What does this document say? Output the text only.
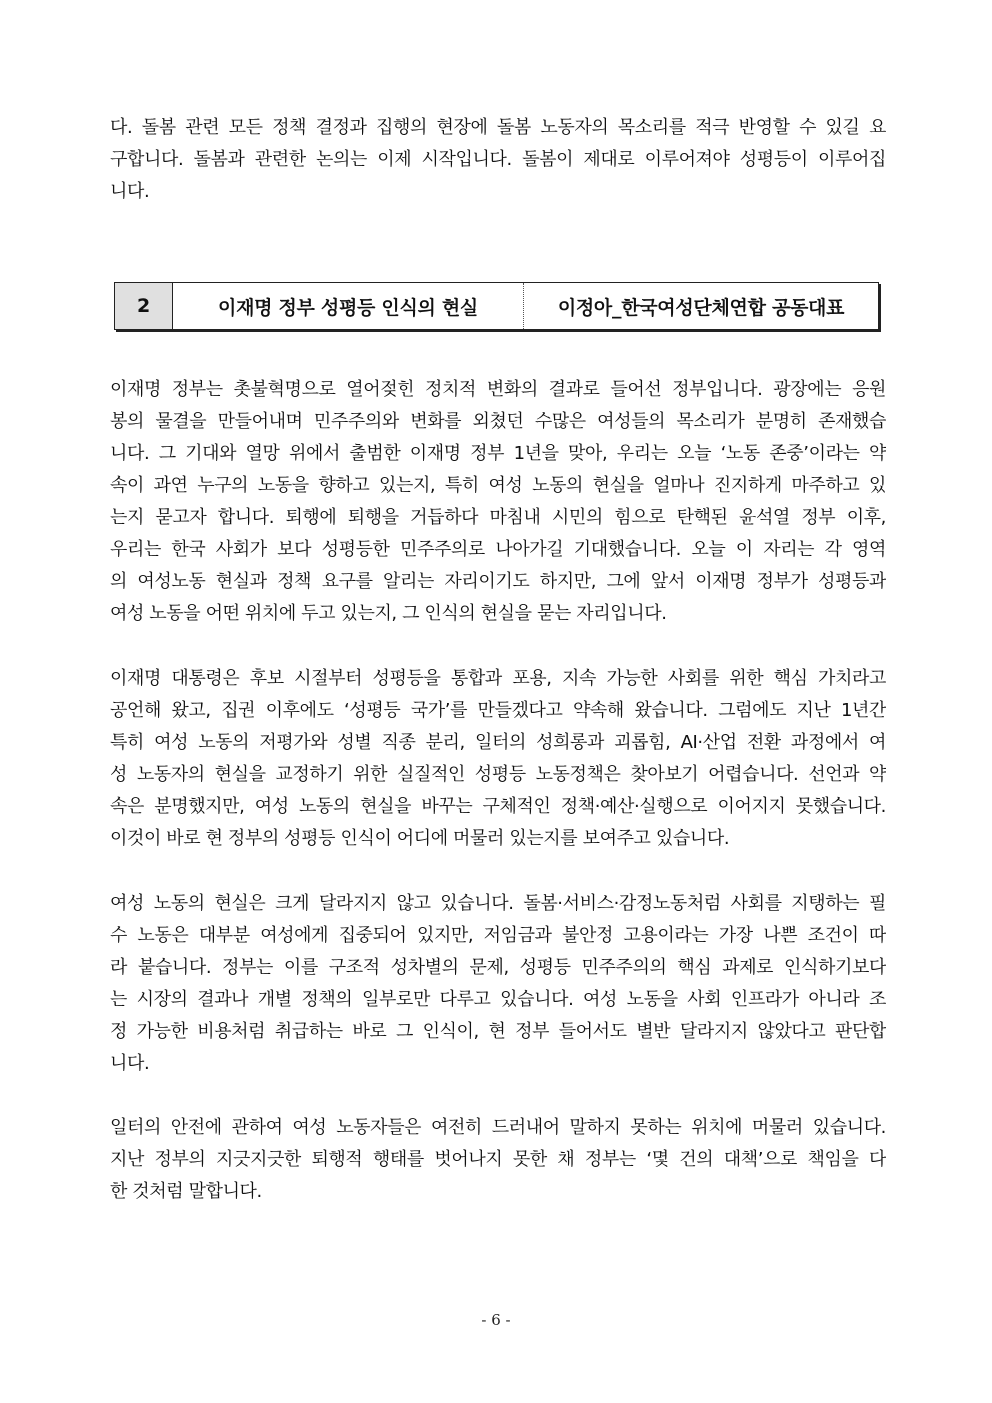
다. 돌봄 관련 모든 정책 결정과 집행의 현장에 돌봄 노동자의 목소리를 적극 반영할 수 있길 요
구합니다. 돌봄과 관련한 논의는 이제 시작입니다. 돌봄이 제대로 이루어져야 성평등이 이루어집
니다.
2	이재명 정부 성평등 인식의 현실	이정아_한국여성단체연합 공동대표
이재명 정부는 촛불혁명으로 열어젖힌 정치적 변화의 결과로 들어선 정부입니다. 광장에는 응원
봉의 물결을 만들어내며 민주주의와 변화를 외쳤던 수많은 여성들의 목소리가 분명히 존재했습
니다. 그 기대와 열망 위에서 출범한 이재명 정부 1년을 맞아, 우리는 오늘 ‘노동 존중’이라는 약
속이 과연 누구의 노동을 향하고 있는지, 특히 여성 노동의 현실을 얼마나 진지하게 마주하고 있
는지 묻고자 합니다. 퇴행에 퇴행을 거듭하다 마침내 시민의 힘으로 탄핵된 윤석열 정부 이후,
우리는 한국 사회가 보다 성평등한 민주주의로 나아가길 기대했습니다. 오늘 이 자리는 각 영역
의 여성노동 현실과 정책 요구를 알리는 자리이기도 하지만, 그에 앞서 이재명 정부가 성평등과
여성 노동을 어떤 위치에 두고 있는지, 그 인식의 현실을 묻는 자리입니다.
이재명 대통령은 후보 시절부터 성평등을 통합과 포용, 지속 가능한 사회를 위한 핵심 가치라고
공언해 왔고, 집권 이후에도 ‘성평등 국가’를 만들겠다고 약속해 왔습니다. 그럼에도 지난 1년간
특히 여성 노동의 저평가와 성별 직종 분리, 일터의 성희롱과 괴롭힘, AI·산업 전환 과정에서 여
성 노동자의 현실을 교정하기 위한 실질적인 성평등 노동정책은 찾아보기 어렵습니다. 선언과 약
속은 분명했지만, 여성 노동의 현실을 바꾸는 구체적인 정책·예산·실행으로 이어지지 못했습니다.
이것이 바로 현 정부의 성평등 인식이 어디에 머물러 있는지를 보여주고 있습니다.
여성 노동의 현실은 크게 달라지지 않고 있습니다. 돌봄·서비스·감정노동처럼 사회를 지탱하는 필
수 노동은 대부분 여성에게 집중되어 있지만, 저임금과 불안정 고용이라는 가장 나쁜 조건이 따
라 붙습니다. 정부는 이를 구조적 성차별의 문제, 성평등 민주주의의 핵심 과제로 인식하기보다
는 시장의 결과나 개별 정책의 일부로만 다루고 있습니다. 여성 노동을 사회 인프라가 아니라 조
정 가능한 비용처럼 취급하는 바로 그 인식이, 현 정부 들어서도 별반 달라지지 않았다고 판단합
니다.
일터의 안전에 관하여 여성 노동자들은 여전히 드러내어 말하지 못하는 위치에 머물러 있습니다.
지난 정부의 지긋지긋한 퇴행적 행태를 벗어나지 못한 채 정부는 ‘몇 건의 대책’으로 책임을 다
한 것처럼 말합니다.
- 6 -
